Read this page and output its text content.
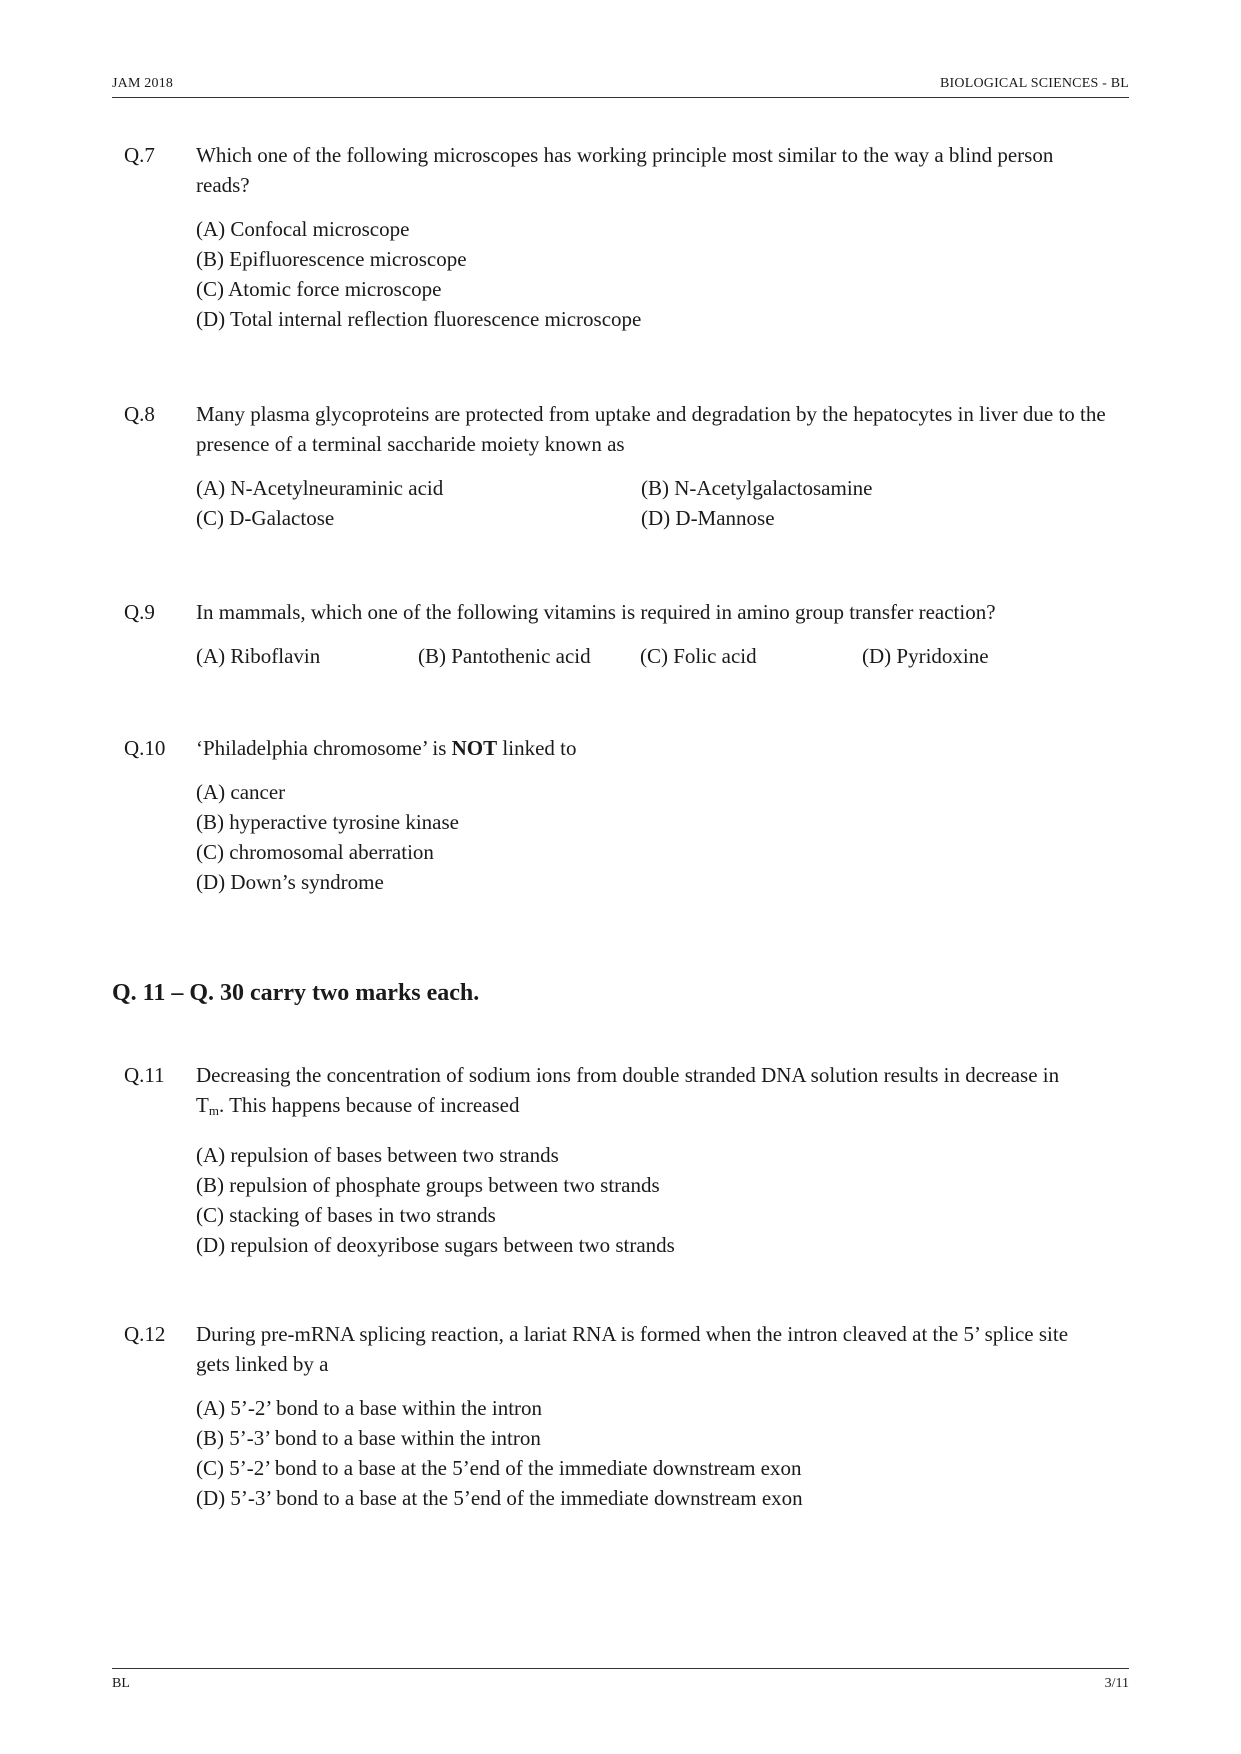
JAM 2018	BIOLOGICAL SCIENCES - BL
Q.7 Which one of the following microscopes has working principle most similar to the way a blind person reads?
(A) Confocal microscope
(B) Epifluorescence microscope
(C) Atomic force microscope
(D) Total internal reflection fluorescence microscope
Q.8 Many plasma glycoproteins are protected from uptake and degradation by the hepatocytes in liver due to the presence of a terminal saccharide moiety known as
(A) N-Acetylneuraminic acid	(B) N-Acetylgalactosamine
(C) D-Galactose	(D) D-Mannose
Q.9 In mammals, which one of the following vitamins is required in amino group transfer reaction?
(A) Riboflavin	(B) Pantothenic acid	(C) Folic acid	(D) Pyridoxine
Q.10 ‘Philadelphia chromosome’ is NOT linked to
(A) cancer
(B) hyperactive tyrosine kinase
(C) chromosomal aberration
(D) Down’s syndrome
Q. 11 – Q. 30 carry two marks each.
Q.11 Decreasing the concentration of sodium ions from double stranded DNA solution results in decrease in $T_m$. This happens because of increased
(A) repulsion of bases between two strands
(B) repulsion of phosphate groups between two strands
(C) stacking of bases in two strands
(D) repulsion of deoxyribose sugars between two strands
Q.12 During pre-mRNA splicing reaction, a lariat RNA is formed when the intron cleaved at the 5’ splice site gets linked by a
(A) 5’-2’ bond to a base within the intron
(B) 5’-3’ bond to a base within the intron
(C) 5’-2’ bond to a base at the 5’end of the immediate downstream exon
(D) 5’-3’ bond to a base at the 5’end of the immediate downstream exon
BL	3/11
